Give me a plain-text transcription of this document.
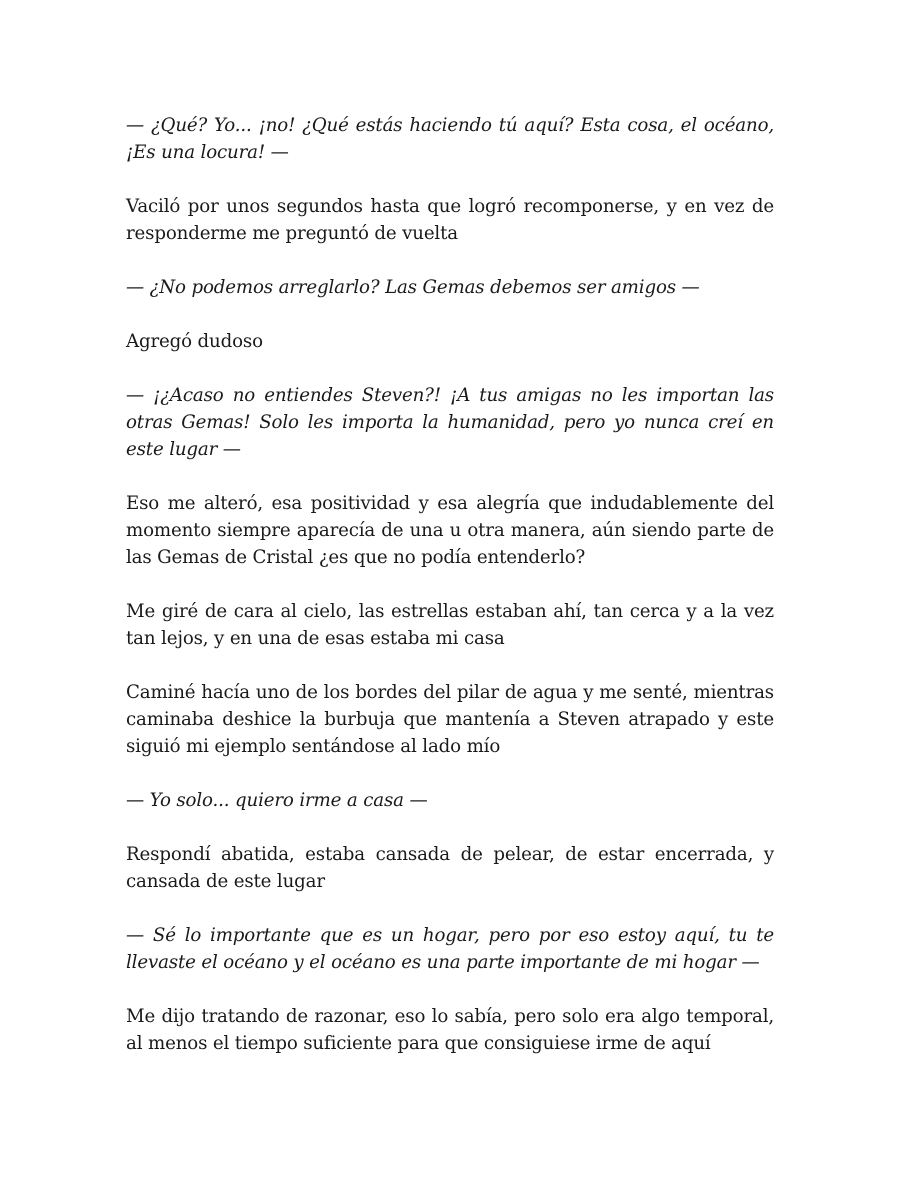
— ¿Qué? Yo... ¡no! ¿Qué estás haciendo tú aquí? Esta cosa, el océano, ¡Es una locura! —

Vaciló por unos segundos hasta que logró recomponerse, y en vez de responderme me preguntó de vuelta

— ¿No podemos arreglarlo? Las Gemas debemos ser amigos —

Agregó dudoso

— ¡¿Acaso no entiendes Steven?! ¡A tus amigas no les importan las otras Gemas! Solo les importa la humanidad, pero yo nunca creí en este lugar —

Eso me alteró, esa positividad y esa alegría que indudablemente del momento siempre aparecía de una u otra manera, aún siendo parte de las Gemas de Cristal ¿es que no podía entenderlo?

Me giré de cara al cielo, las estrellas estaban ahí, tan cerca y a la vez tan lejos, y en una de esas estaba mi casa

Caminé hacía uno de los bordes del pilar de agua y me senté, mientras caminaba deshice la burbuja que mantenía a Steven atrapado y este siguió mi ejemplo sentándose al lado mío

— Yo solo... quiero irme a casa —

Respondí abatida, estaba cansada de pelear, de estar encerrada, y cansada de este lugar

— Sé lo importante que es un hogar, pero por eso estoy aquí, tu te llevaste el océano y el océano es una parte importante de mi hogar —

Me dijo tratando de razonar, eso lo sabía, pero solo era algo temporal, al menos el tiempo suficiente para que consiguiese irme de aquí
